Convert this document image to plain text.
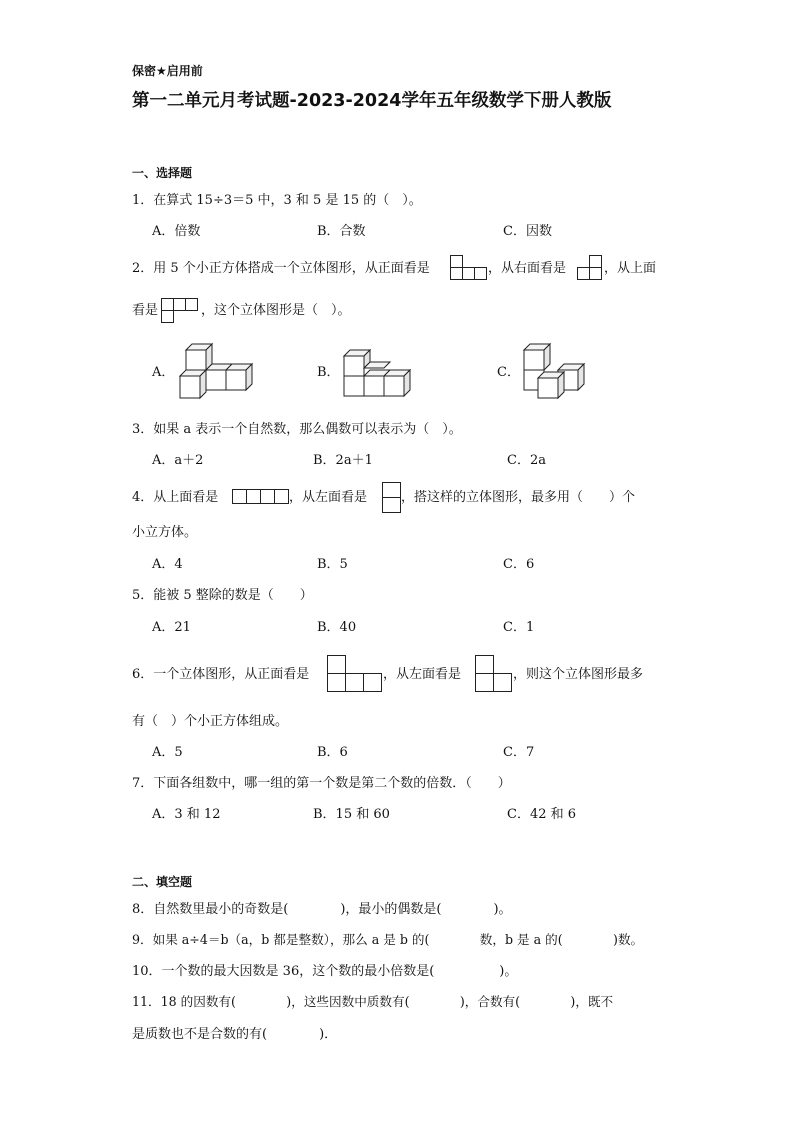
保密★启用前
第一二单元月考试题-2023-2024学年五年级数学下册人教版
一、选择题
1．在算式 15÷3＝5 中，3 和 5 是 15 的（　）。
A．倍数	B．合数	C．因数
2．用 5 个小正方体搭成一个立体图形，从正面看是	，从右面看是	，从上面
看是	，这个立体图形是（　）。
A．	B．	C．
3．如果 a 表示一个自然数，那么偶数可以表示为（　）。
A．a＋2	B．2a＋1	C．2a
4．从上面看是	，从左面看是	，搭这样的立体图形，最多用（　　）个
小立方体。
A．4	B．5	C．6
5．能被 5 整除的数是（　　）
A．21	B．40	C．1
6．一个立体图形，从正面看是	，从左面看是	，则这个立体图形最多
有（　）个小正方体组成。
A．5	B．6	C．7
7．下面各组数中，哪一组的第一个数是第二个数的倍数．（　　）
A．3 和 12	B．15 和 60	C．42 和 6
二、填空题
8．自然数里最小的奇数是(　　　　)，最小的偶数是(　　　　)。
9．如果 a÷4＝b（a，b 都是整数），那么 a 是 b 的(　　　　数，b 是 a 的(　　　　)数。
10．一个数的最大因数是 36，这个数的最小倍数是(　　　　　)。
11．18 的因数有(　　　　)，这些因数中质数有(　　　　)，合数有(　　　　)，既不
是质数也不是合数的有(　　　　)．
